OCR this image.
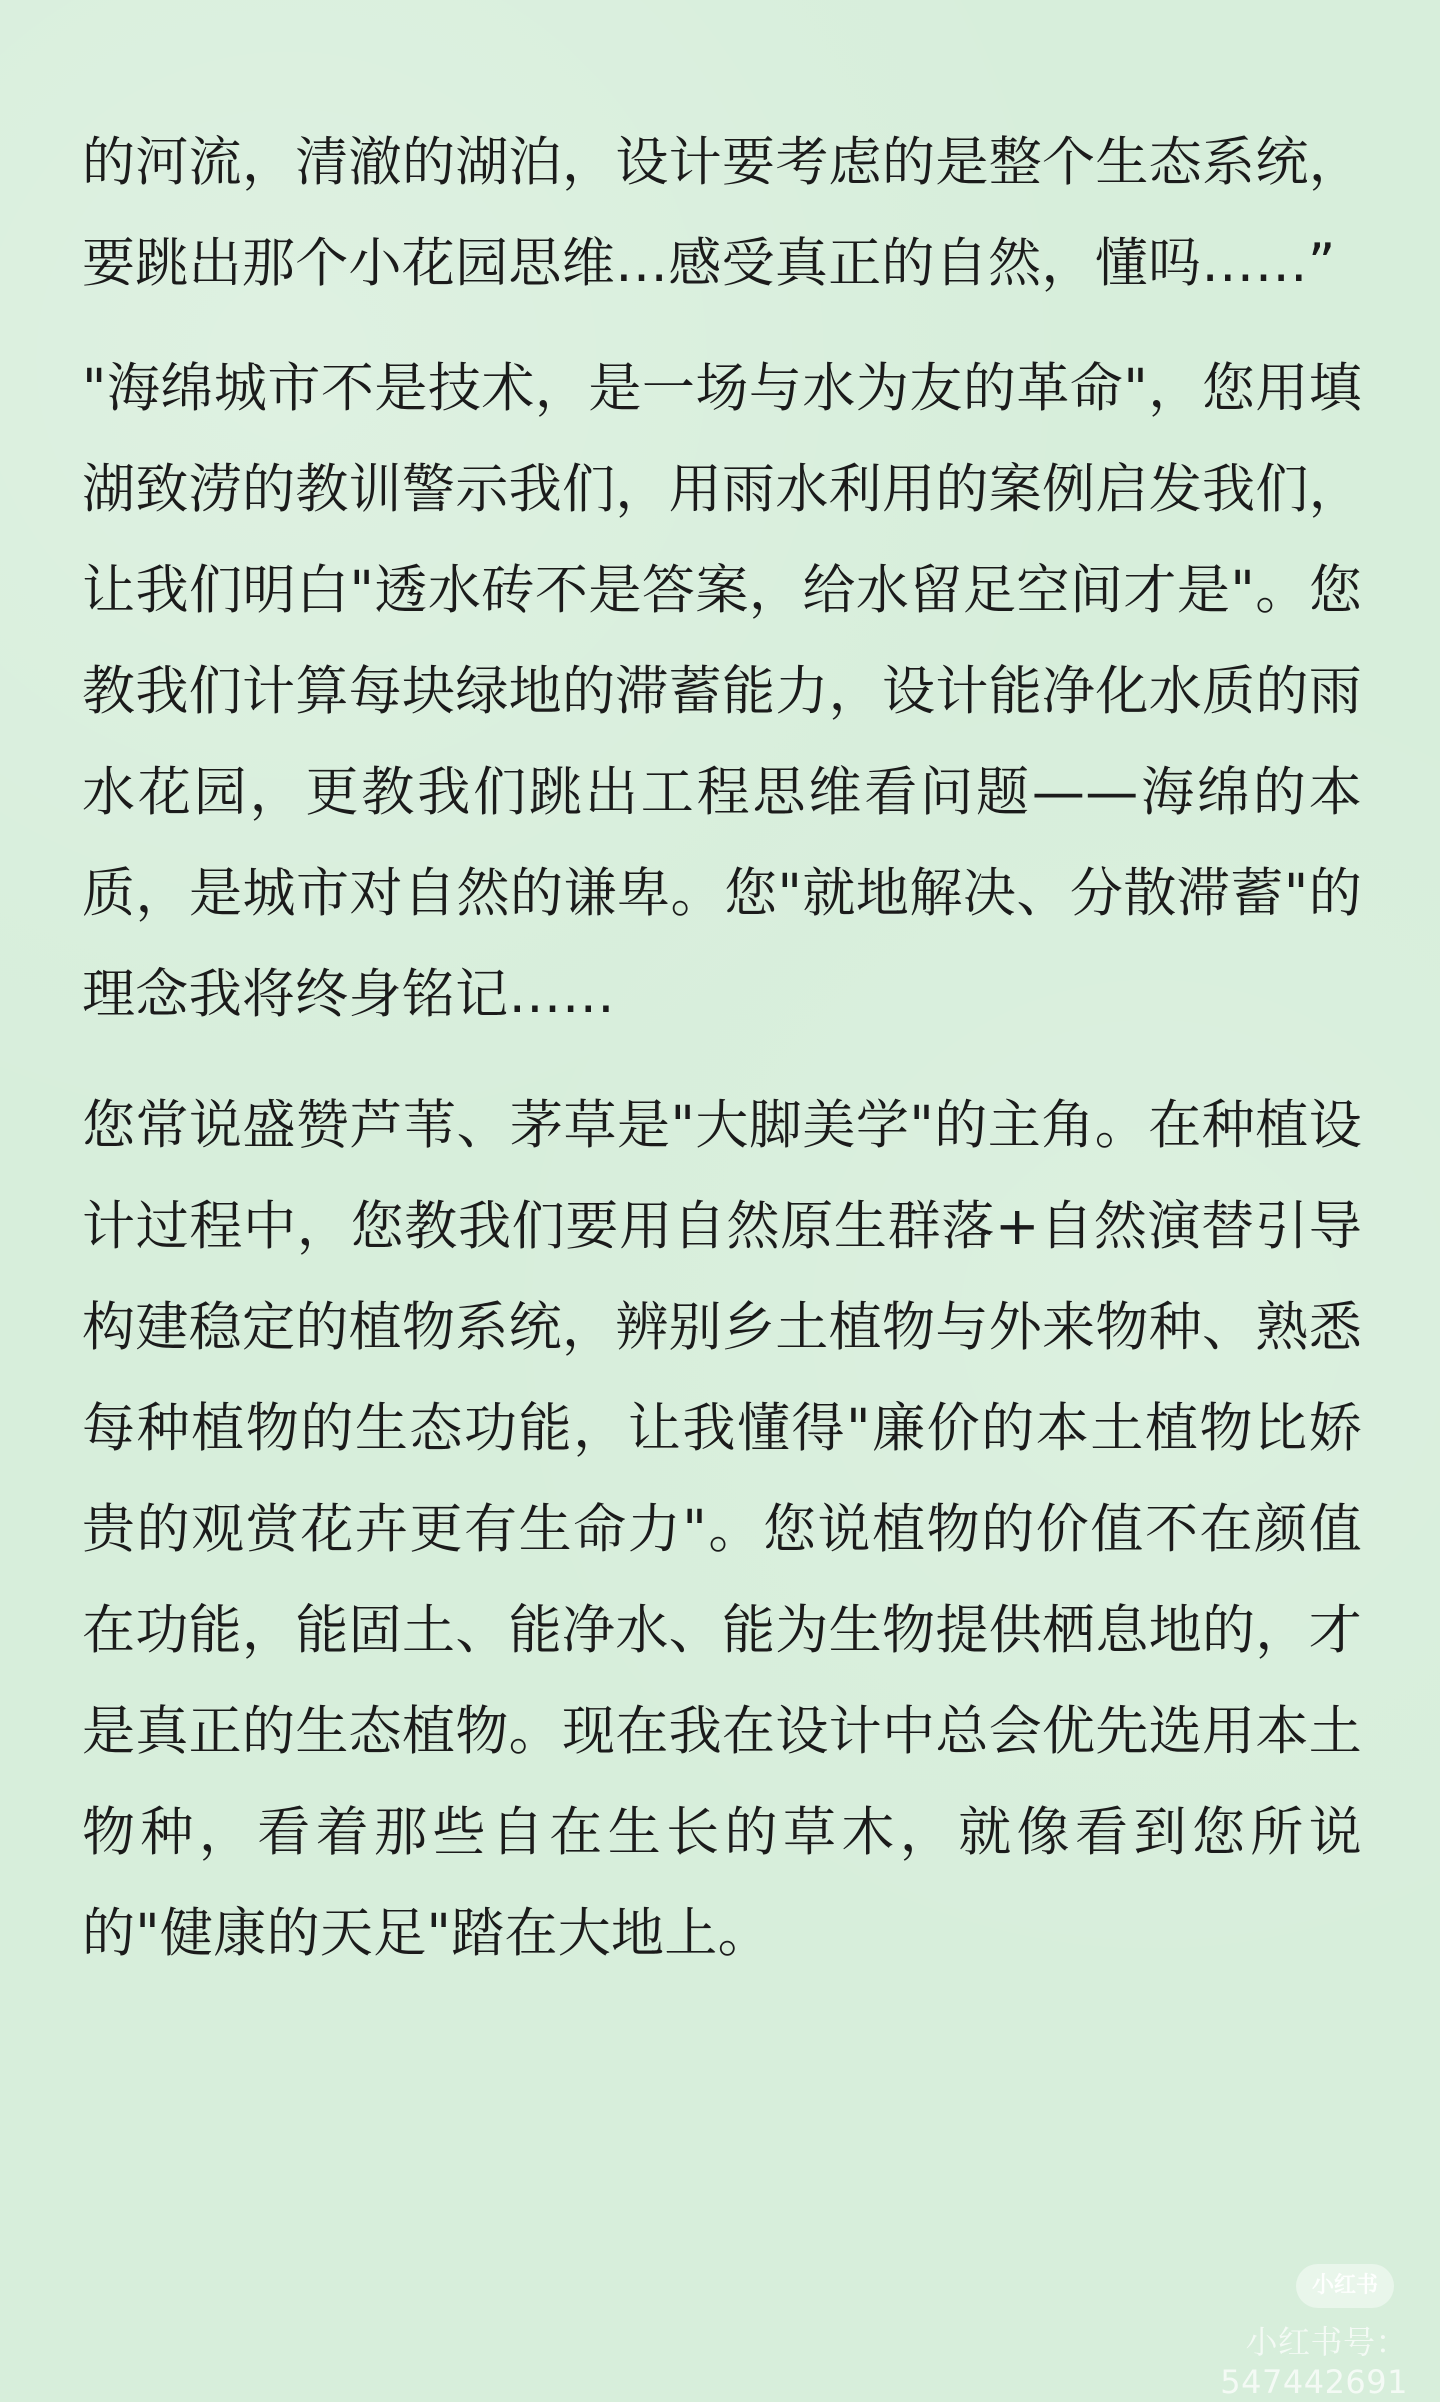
的河流，清澈的湖泊，设计要考虑的是整个生态系统，要跳出那个小花园思维…感受真正的自然，懂吗……”

"海绵城市不是技术，是一场与水为友的革命"，您用填湖致涝的教训警示我们，用雨水利用的案例启发我们，让我们明白"透水砖不是答案，给水留足空间才是"。您教我们计算每块绿地的滞蓄能力，设计能净化水质的雨水花园，更教我们跳出工程思维看问题——海绵的本质，是城市对自然的谦卑。您"就地解决、分散滞蓄"的理念我将终身铭记……

您常说盛赞芦苇、茅草是"大脚美学"的主角。在种植设计过程中，您教我们要用自然原生群落+自然演替引导构建稳定的植物系统，辨别乡土植物与外来物种、熟悉每种植物的生态功能，让我懂得"廉价的本土植物比娇贵的观赏花卉更有生命力"。您说植物的价值不在颜值在功能，能固土、能净水、能为生物提供栖息地的，才是真正的生态植物。现在我在设计中总会优先选用本土物种，看着那些自在生长的草木，就像看到您所说的"健康的天足"踏在大地上。

小红书
小红书号：547442691
